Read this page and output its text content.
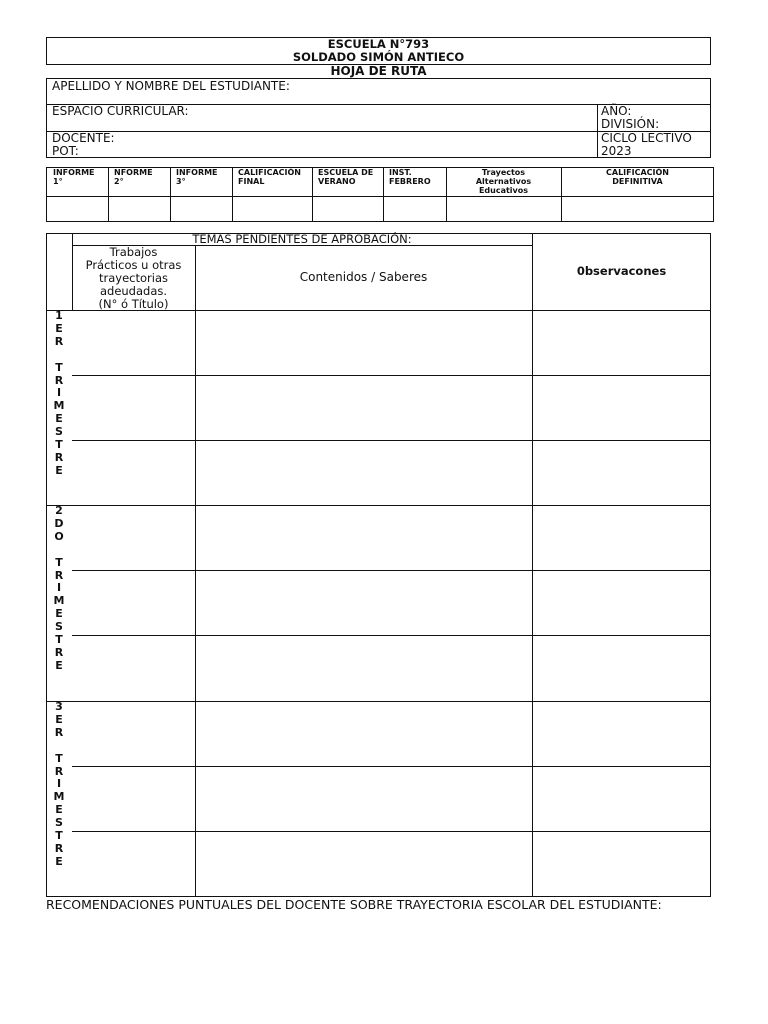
ESCUELA N°793
SOLDADO SIMÓN ANTIECO
HOJA DE RUTA
APELLIDO Y NOMBRE DEL ESTUDIANTE:
ESPACIO CURRICULAR:	AÑO:
DIVISIÓN:
DOCENTE:
POT:
CICLO LECTIVO
2023
INFORME
1°
NFORME
2°
INFORME
3°
CALIFICACIÓN
FINAL
ESCUELA DE
VERANO
INST.
FEBRERO
Trayectos
Alternativos
Educativos
CALIFICACIÓN
DEFINITIVA
TEMAS PENDIENTES DE APROBACIÓN:
Trabajos
Prácticos u otras
trayectorias
adeudadas.
(N° ó Título)
Contenidos / Saberes	0bservacones
1
E
R

T
R
I
M
E
S
T
R
E
2
D
O

T
R
I
M
E
S
T
R
E
3
E
R

T
R
I
M
E
S
T
R
E
RECOMENDACIONES PUNTUALES DEL DOCENTE SOBRE TRAYECTORIA ESCOLAR DEL ESTUDIANTE:
